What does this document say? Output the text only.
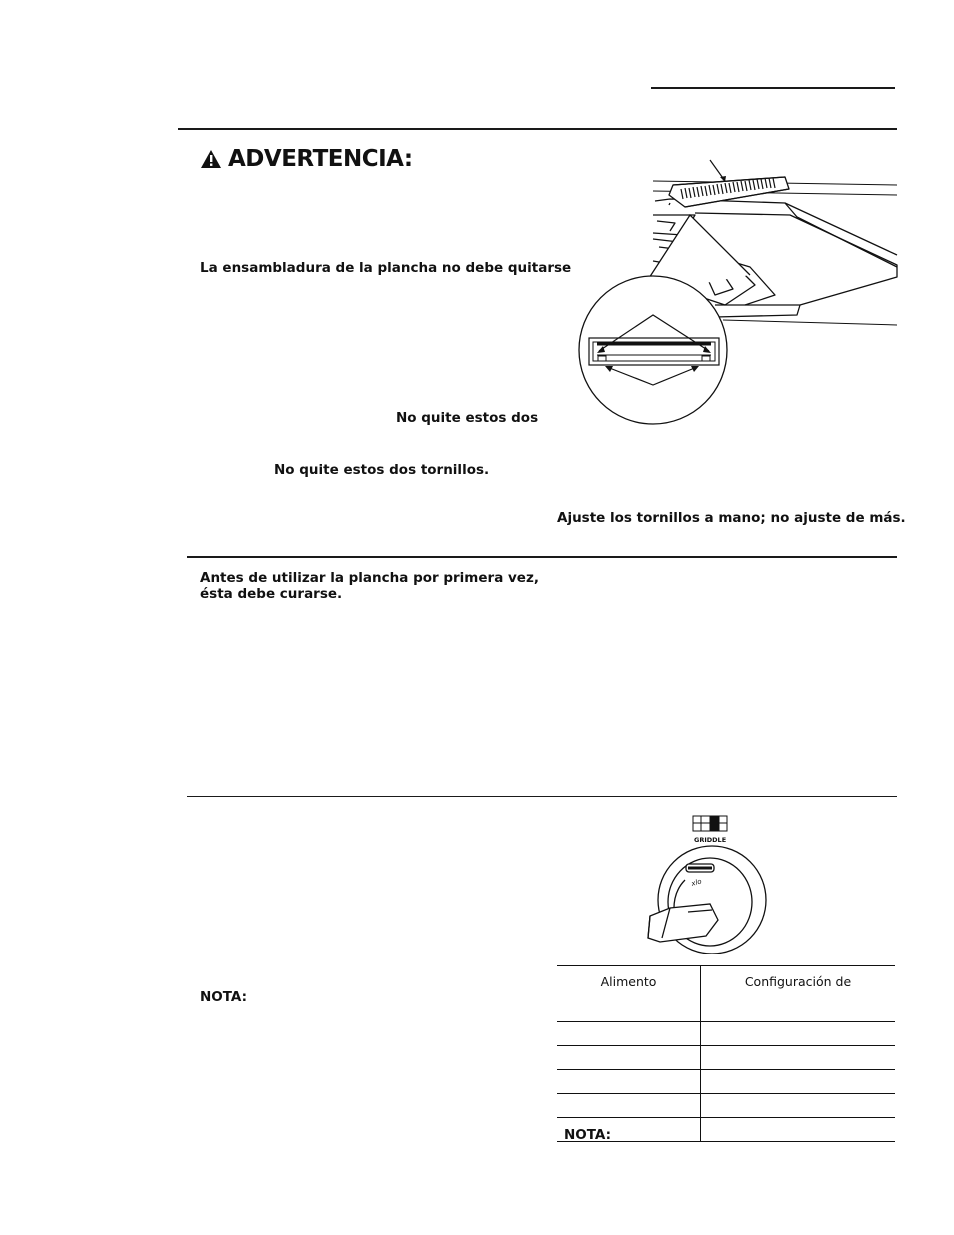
ADVERTENCIA:
La ensambladura de la plancha no debe quitarse
No quite estos dos
No quite estos dos tornillos.
Ajuste los tornillos a mano; no ajuste de más.
Antes de utilizar la plancha por primera vez,
ésta debe curarse.
NOTA:
GRIDDLE
xlo
Alimento	Configuración de

NOTA:
